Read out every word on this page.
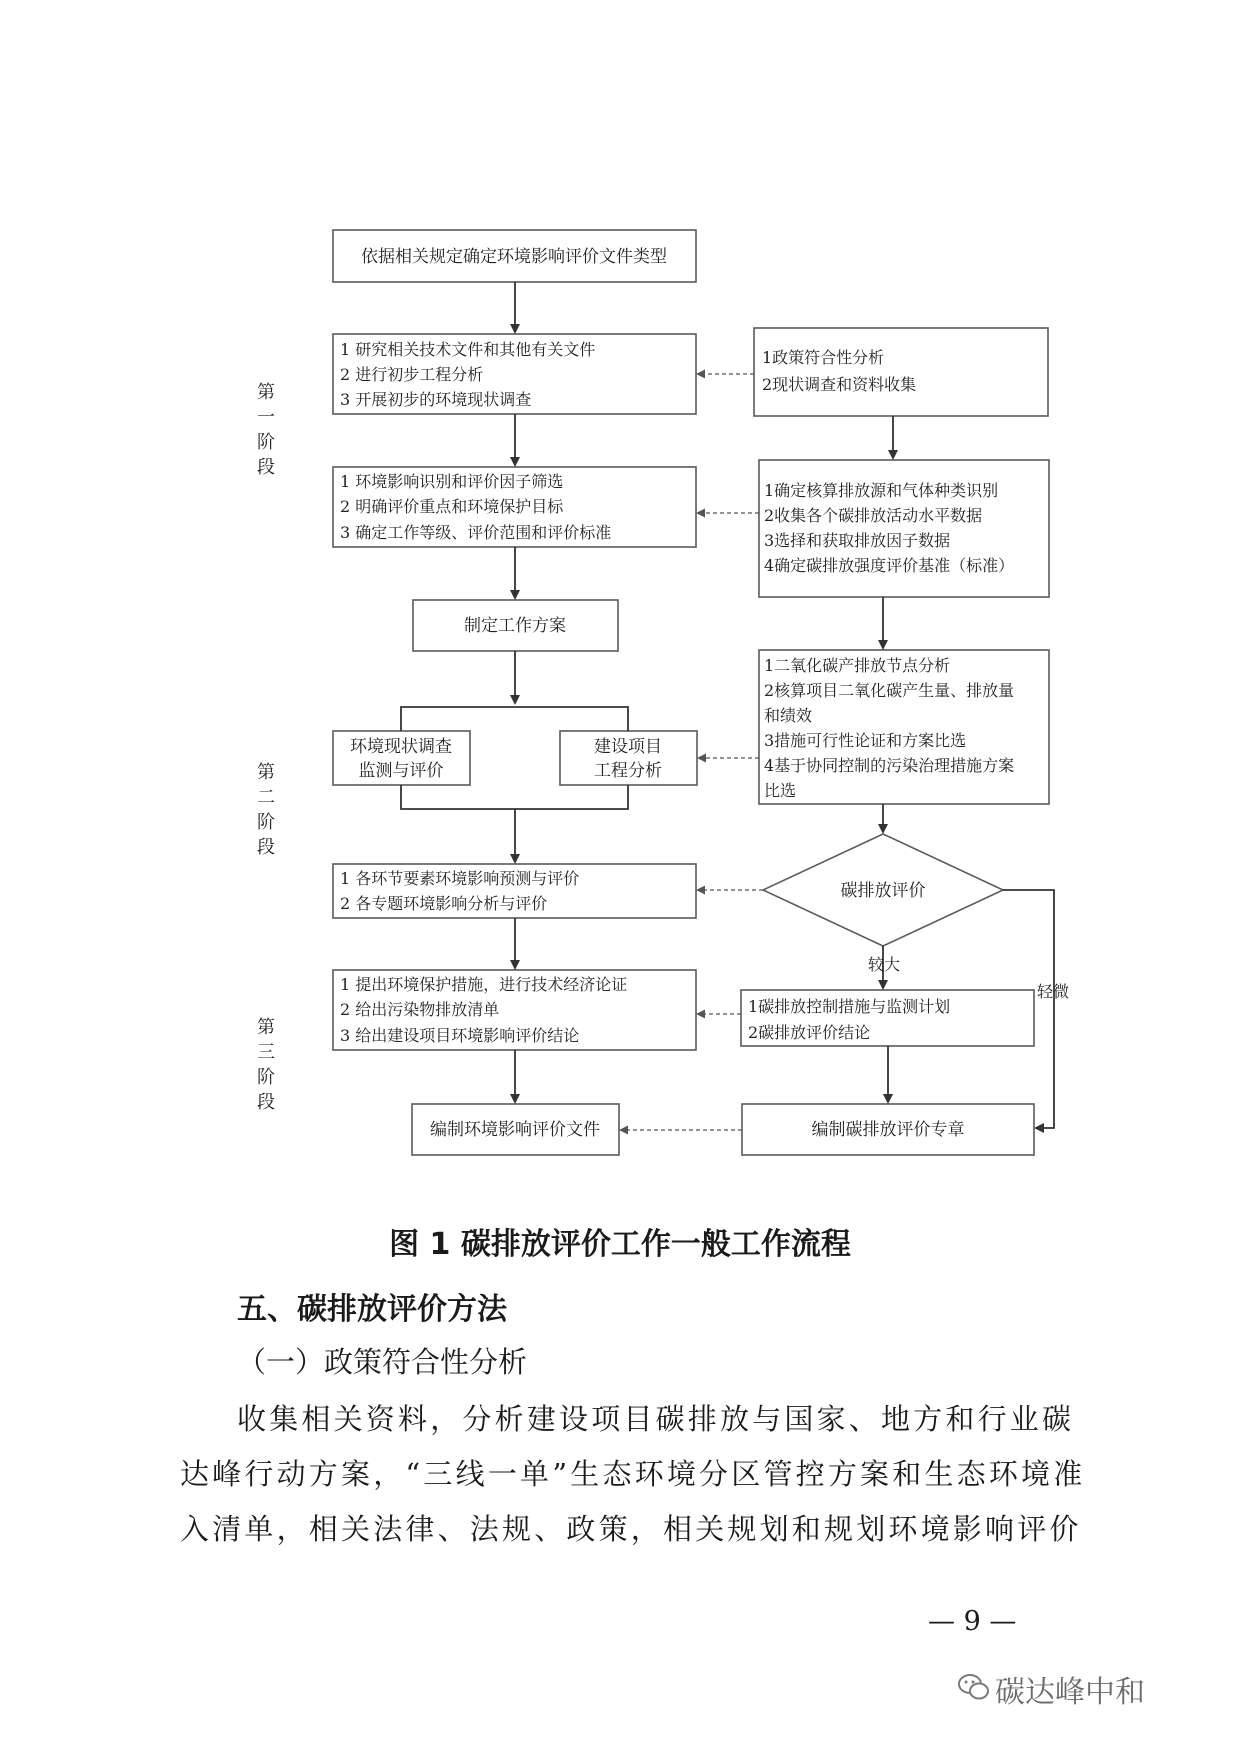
第
一
阶
段
第
二
阶
段
第
三
阶
段
依据相关规定确定环境影响评价文件类型
1 研究相关技术文件和其他有关文件
2 进行初步工程分析
3 开展初步的环境现状调查
1 环境影响识别和评价因子筛选
2 明确评价重点和环境保护目标
3 确定工作等级、评价范围和评价标准
制定工作方案
环境现状调查
监测与评价
建设项目
工程分析
1 各环节要素环境影响预测与评价
2 各专题环境影响分析与评价
1 提出环境保护措施，进行技术经济论证
2 给出污染物排放清单
3 给出建设项目环境影响评价结论
编制环境影响评价文件
1政策符合性分析
2现状调查和资料收集
1确定核算排放源和气体种类识别
2收集各个碳排放活动水平数据
3选择和获取排放因子数据
4确定碳排放强度评价基准（标准）
1二氧化碳产排放节点分析
2核算项目二氧化碳产生量、排放量
和绩效
3措施可行性论证和方案比选
4基于协同控制的污染治理措施方案
比选
碳排放评价
1碳排放控制措施与监测计划
2碳排放评价结论
编制碳排放评价专章
较大
轻微
图 1 碳排放评价工作一般工作流程
五、碳排放评价方法
（一）政策符合性分析
收集相关资料，分析建设项目碳排放与国家、地方和行业碳
达峰行动方案，“三线一单”生态环境分区管控方案和生态环境准
入清单，相关法律、法规、政策，相关规划和规划环境影响评价
— 9 —
碳达峰中和
